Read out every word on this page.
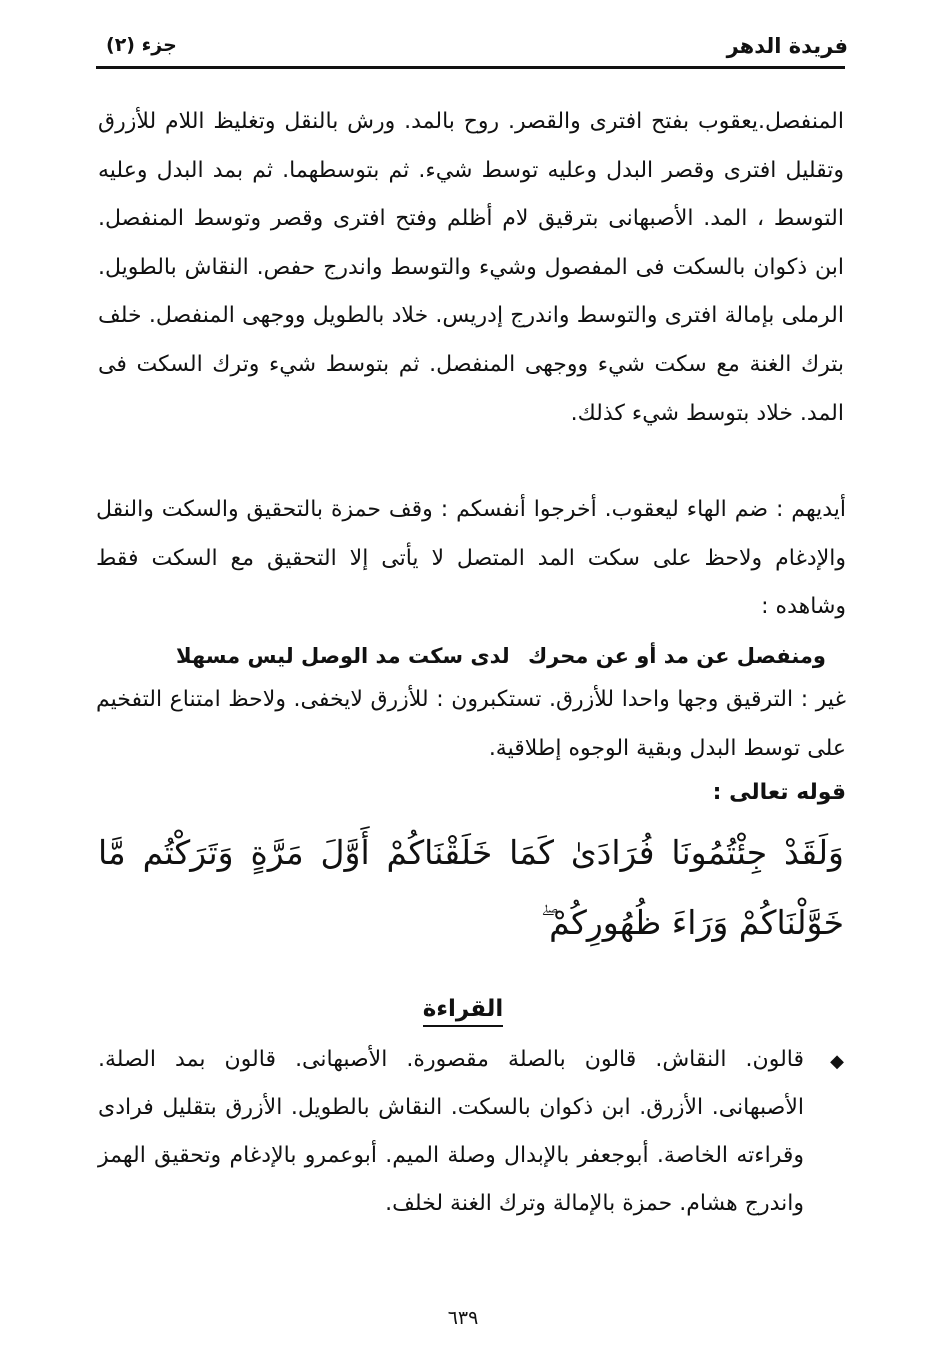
فريدة الدهر
جزء (٢)
المنفصل.يعقوب بفتح افترى والقصر. روح بالمد. ورش بالنقل وتغليظ اللام للأزرق وتقليل افترى وقصر البدل وعليه توسط شيء. ثم بتوسطهما. ثم بمد البدل وعليه التوسط ، المد. الأصبهانى بترقيق لام أظلم وفتح افترى وقصر وتوسط المنفصل. ابن ذكوان بالسكت فى المفصول وشيء والتوسط واندرج حفص. النقاش بالطويل. الرملى بإمالة افترى والتوسط واندرج إدريس. خلاد بالطويل ووجهى المنفصل. خلف بترك الغنة مع سكت شيء ووجهى المنفصل. ثم بتوسط شيء وترك السكت فى المد. خلاد بتوسط شيء كذلك.
أيديهم : ضم الهاء ليعقوب. أخرجوا أنفسكم : وقف حمزة بالتحقيق والسكت والنقل والإدغام ولاحظ على سكت المد المتصل لا يأتى إلا التحقيق مع السكت فقط وشاهده :
ومنفصل عن مد أو عن محرك
لدى سكت مد الوصل ليس مسهلا
غير : الترقيق وجها واحدا للأزرق. تستكبرون : للأزرق لايخفى. ولاحظ امتناع التفخيم على توسط البدل وبقية الوجوه إطلاقية.
قوله تعالى :
وَلَقَدْ جِئْتُمُونَا فُرَادَىٰ كَمَا خَلَقْنَاكُمْ أَوَّلَ مَرَّةٍ وَتَرَكْتُم مَّا خَوَّلْنَاكُمْ وَرَاءَ ظُهُورِكُمْ ۖ
القراءة
◆
قالون. النقاش. قالون بالصلة مقصورة. الأصبهانى. قالون بمد الصلة. الأصبهانى. الأزرق. ابن ذكوان بالسكت. النقاش بالطويل. الأزرق بتقليل فرادى وقراءته الخاصة. أبوجعفر بالإبدال وصلة الميم. أبوعمرو بالإدغام وتحقيق الهمز واندرج هشام. حمزة بالإمالة وترك الغنة لخلف.
٦٣٩
